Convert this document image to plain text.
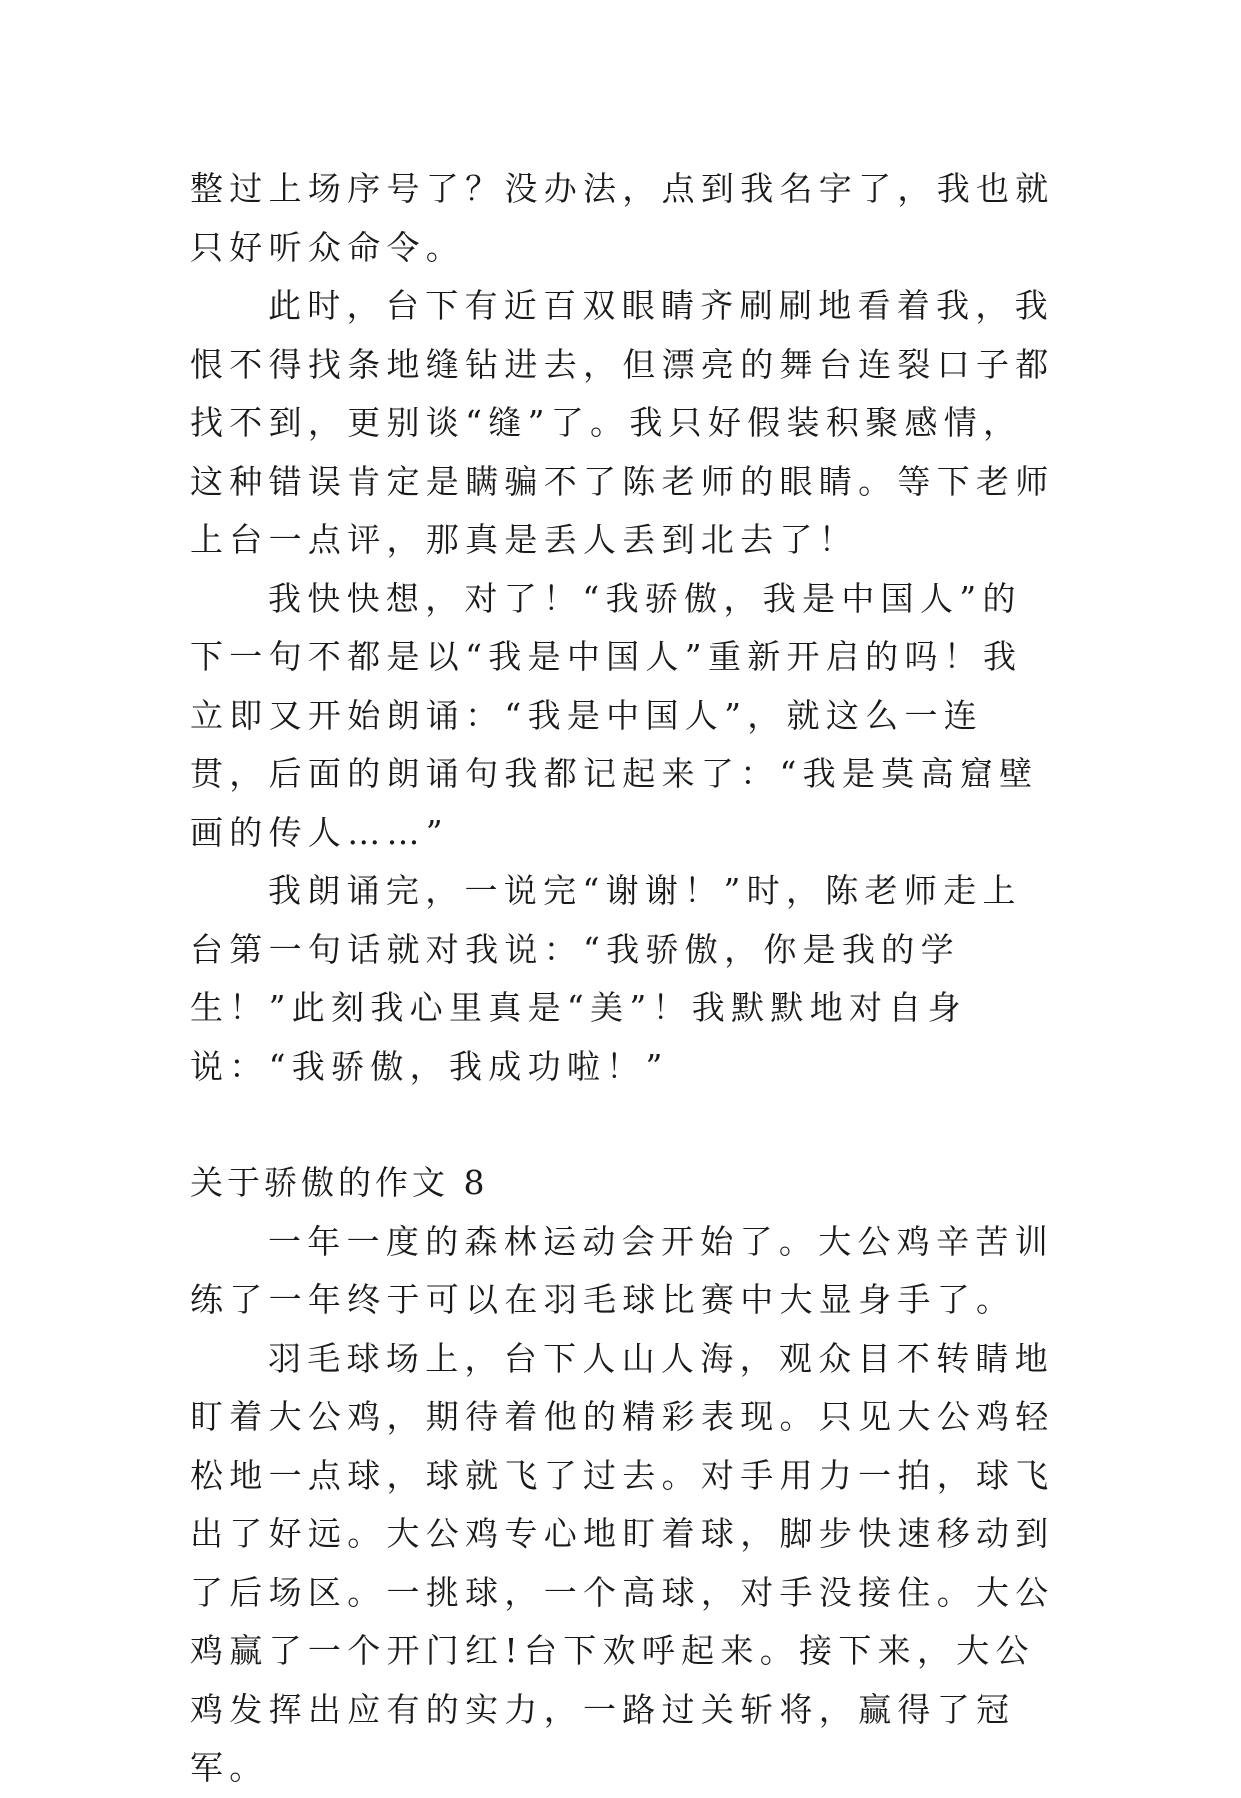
整过上场序号了？没办法，点到我名字了，我也就只好听众命令。

此时，台下有近百双眼睛齐刷刷地看着我，我恨不得找条地缝钻进去，但漂亮的舞台连裂口子都找不到，更别谈“缝”了。我只好假装积聚感情，这种错误肯定是瞒骗不了陈老师的眼睛。等下老师上台一点评，那真是丢人丢到北去了！

我快快想，对了！“我骄傲，我是中国人”的下一句不都是以“我是中国人”重新开启的吗！我立即又开始朗诵：“我是中国人”，就这么一连贯，后面的朗诵句我都记起来了：“我是莫高窟壁画的传人……”

我朗诵完，一说完“谢谢！”时，陈老师走上台第一句话就对我说：“我骄傲，你是我的学生！”此刻我心里真是“美”！我默默地对自身说：“我骄傲，我成功啦！”

关于骄傲的作文 8

一年一度的森林运动会开始了。大公鸡辛苦训练了一年终于可以在羽毛球比赛中大显身手了。

羽毛球场上，台下人山人海，观众目不转睛地盯着大公鸡，期待着他的精彩表现。只见大公鸡轻松地一点球，球就飞了过去。对手用力一拍，球飞出了好远。大公鸡专心地盯着球，脚步快速移动到了后场区。一挑球，一个高球，对手没接住。大公鸡赢了一个开门红!台下欢呼起来。接下来，大公鸡发挥出应有的实力，一路过关斩将，赢得了冠军。
